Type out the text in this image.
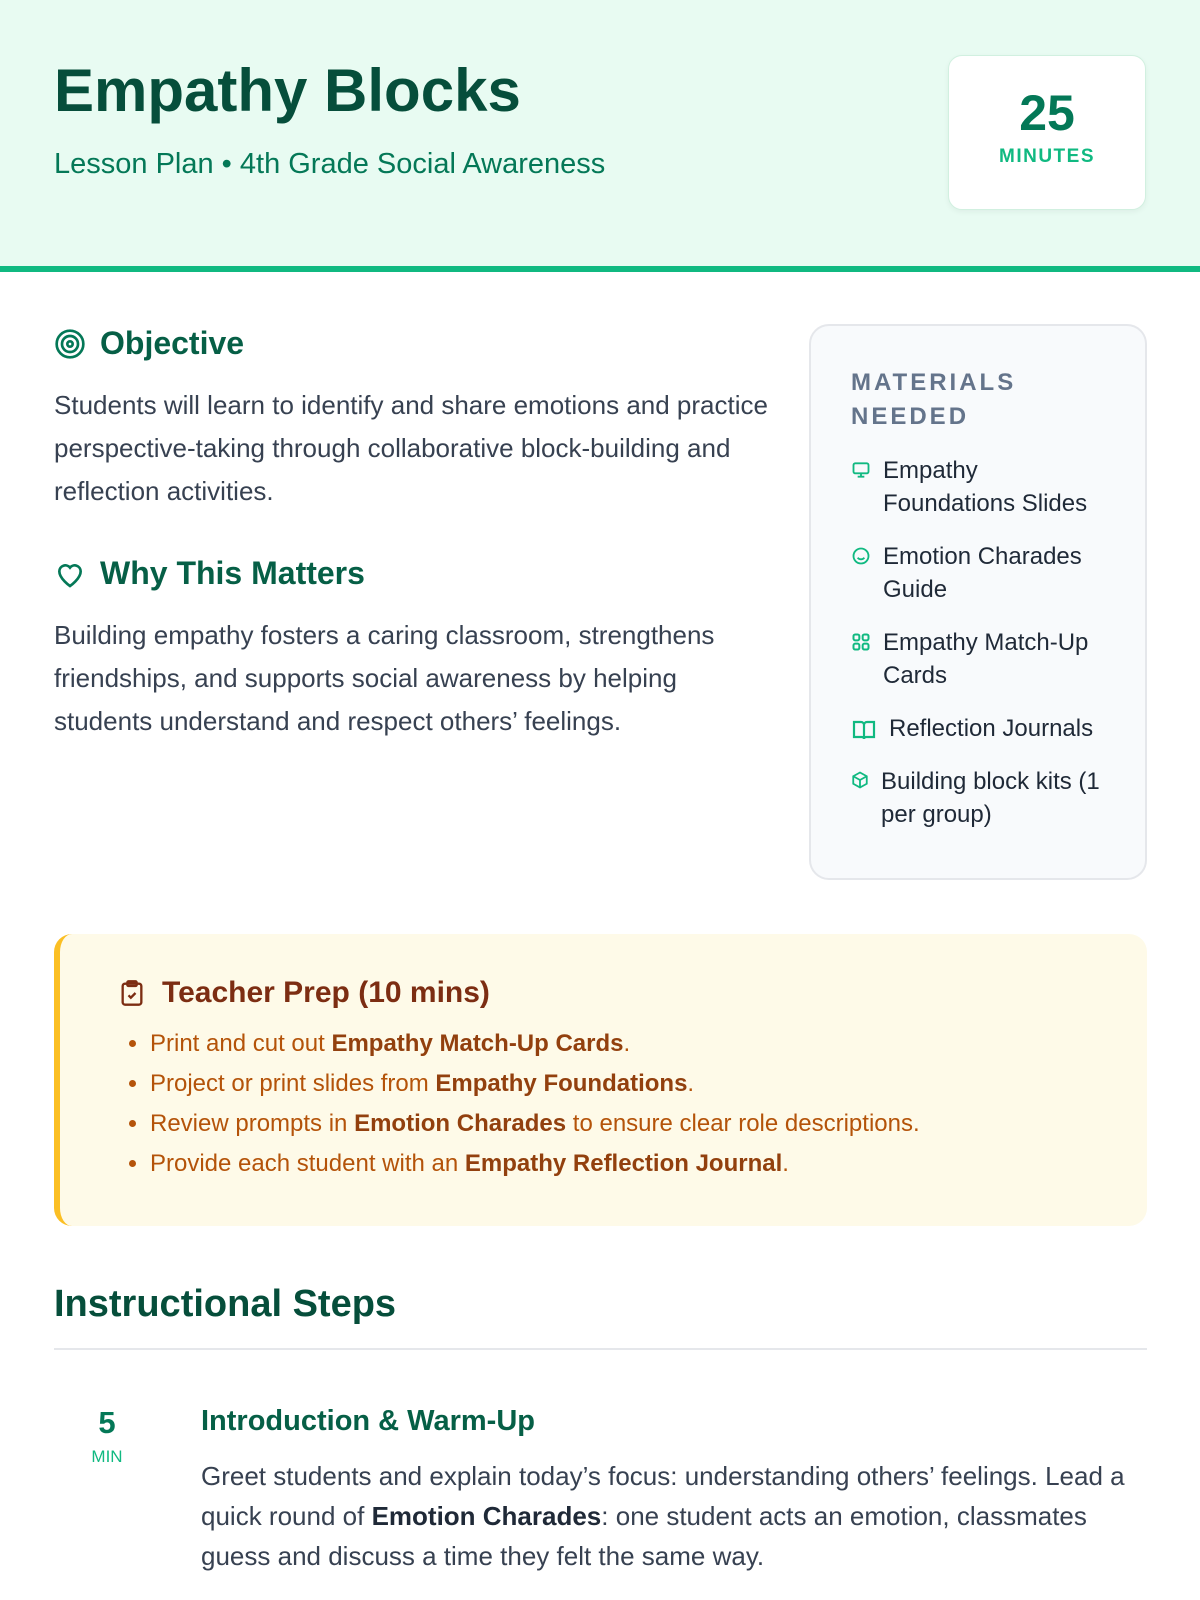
Empathy Blocks
Lesson Plan • 4th Grade Social Awareness
25
MINUTES
Objective

Students will learn to identify and share emotions and practice perspective-taking through collaborative block-building and reflection activities.

Why This Matters

Building empathy fosters a caring classroom, strengthens friendships, and supports social awareness by helping students understand and respect others’ feelings.

MATERIALS NEEDED
Empathy Foundations Slides
Emotion Charades Guide
Empathy Match-Up Cards
Reflection Journals
Building block kits (1 per group)
Teacher Prep (10 mins)
• Print and cut out Empathy Match-Up Cards.
• Project or print slides from Empathy Foundations.
• Review prompts in Emotion Charades to ensure clear role descriptions.
• Provide each student with an Empathy Reflection Journal.
Instructional Steps
5
MIN
Introduction & Warm-Up

Greet students and explain today’s focus: understanding others’ feelings. Lead a quick round of Emotion Charades: one student acts an emotion, classmates guess and discuss a time they felt the same way.
